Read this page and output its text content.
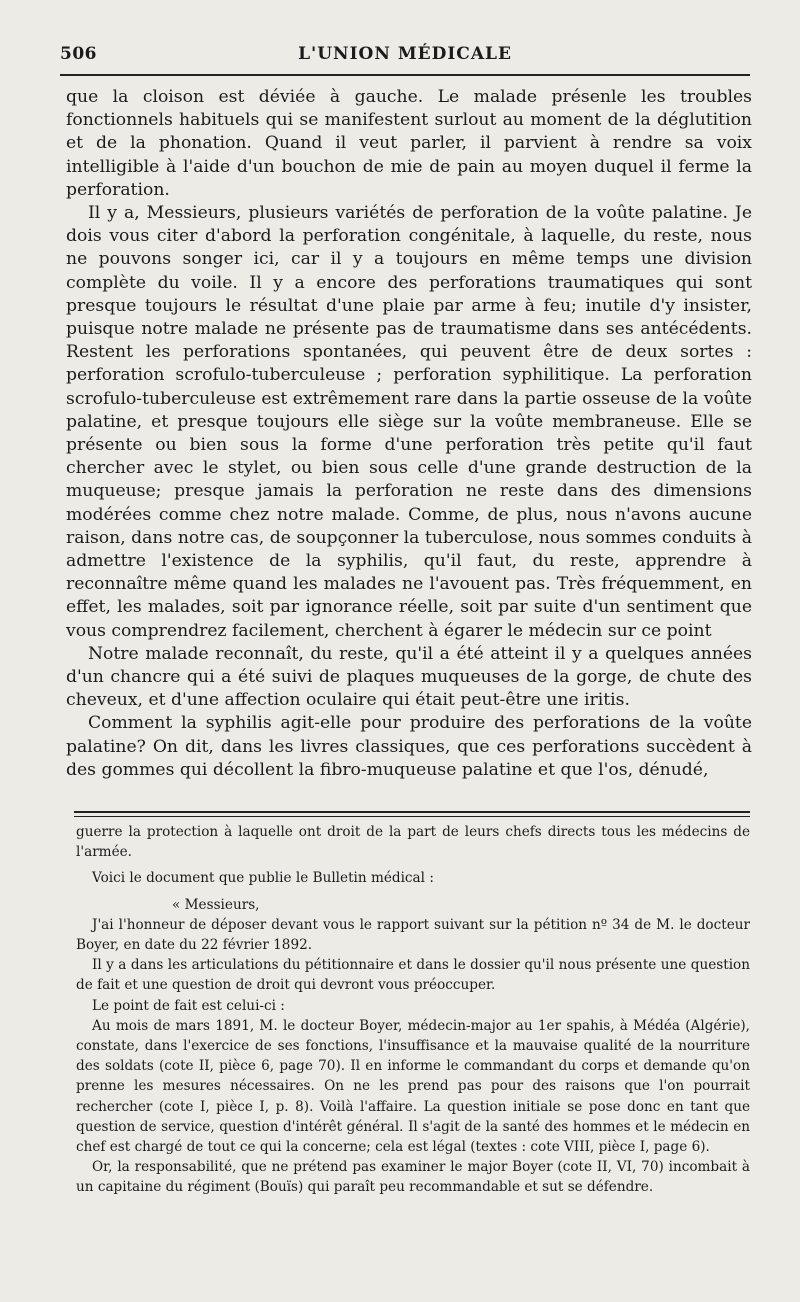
506	L'UNION MÉDICALE

que la cloison est déviée à gauche. Le malade présenle les troubles fonctionnels habituels qui se manifestent surlout au moment de la déglutition et de la phonation. Quand il veut parler, il parvient à rendre sa voix intelligible à l'aide d'un bouchon de mie de pain au moyen duquel il ferme la perforation.

Il y a, Messieurs, plusieurs variétés de perforation de la voûte palatine. Je dois vous citer d'abord la perforation congénitale, à laquelle, du reste, nous ne pouvons songer ici, car il y a toujours en même temps une division complète du voile. Il y a encore des perforations traumatiques qui sont presque toujours le résultat d'une plaie par arme à feu; inutile d'y insister, puisque notre malade ne présente pas de traumatisme dans ses antécédents. Restent les perforations spontanées, qui peuvent être de deux sortes : perforation scrofulo-tuberculeuse ; perforation syphilitique. La perforation scrofulo-tuberculeuse est extrêmement rare dans la partie osseuse de la voûte palatine, et presque toujours elle siège sur la voûte membraneuse. Elle se présente ou bien sous la forme d'une perforation très petite qu'il faut chercher avec le stylet, ou bien sous celle d'une grande destruction de la muqueuse; presque jamais la perforation ne reste dans des dimensions modérées comme chez notre malade. Comme, de plus, nous n'avons aucune raison, dans notre cas, de soupçonner la tuberculose, nous sommes conduits à admettre l'existence de la syphilis, qu'il faut, du reste, apprendre à reconnaître même quand les malades ne l'avouent pas. Très fréquemment, en effet, les malades, soit par ignorance réelle, soit par suite d'un sentiment que vous comprendrez facilement, cherchent à égarer le médecin sur ce point

Notre malade reconnaît, du reste, qu'il a été atteint il y a quelques années d'un chancre qui a été suivi de plaques muqueuses de la gorge, de chute des cheveux, et d'une affection oculaire qui était peut-être une iritis.

Comment la syphilis agit-elle pour produire des perforations de la voûte palatine? On dit, dans les livres classiques, que ces perforations succèdent à des gommes qui décollent la fibro-muqueuse palatine et que l'os, dénudé,

guerre la protection à laquelle ont droit de la part de leurs chefs directs tous les médecins de l'armée.

Voici le document que publie le Bulletin médical :

« Messieurs,

J'ai l'honneur de déposer devant vous le rapport suivant sur la pétition nº 34 de M. le docteur Boyer, en date du 22 février 1892.

Il y a dans les articulations du pétitionnaire et dans le dossier qu'il nous présente une question de fait et une question de droit qui devront vous préoccuper.

Le point de fait est celui-ci :

Au mois de mars 1891, M. le docteur Boyer, médecin-major au 1er spahis, à Médéa (Algérie), constate, dans l'exercice de ses fonctions, l'insuffisance et la mauvaise qualité de la nourriture des soldats (cote II, pièce 6, page 70). Il en informe le commandant du corps et demande qu'on prenne les mesures nécessaires. On ne les prend pas pour des raisons que l'on pourrait rechercher (cote I, pièce I, p. 8). Voilà l'affaire. La question initiale se pose donc en tant que question de service, question d'intérêt général. Il s'agit de la santé des hommes et le médecin en chef est chargé de tout ce qui la concerne; cela est légal (textes : cote VIII, pièce I, page 6).

Or, la responsabilité, que ne prétend pas examiner le major Boyer (cote II, VI, 70) incombait à un capitaine du régiment (Bouïs) qui paraît peu recommandable et sut se défendre.
